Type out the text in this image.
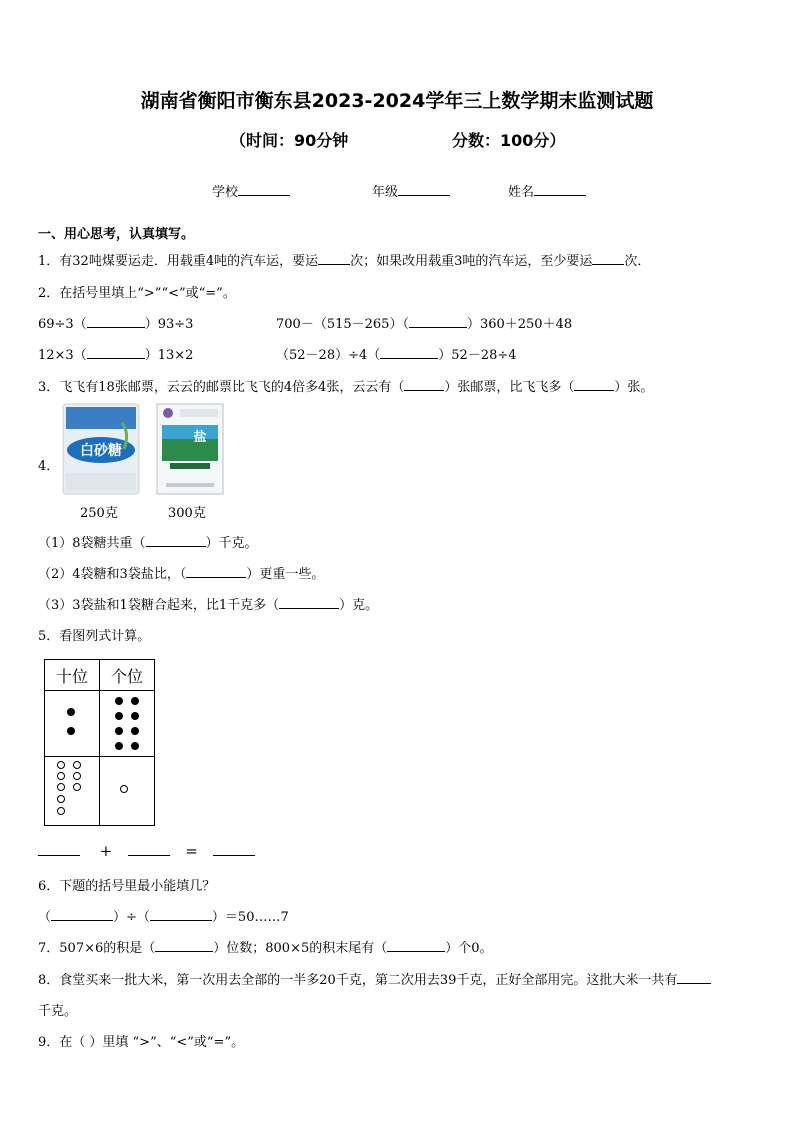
湖南省衡阳市衡东县2023-2024学年三上数学期末监测试题
（时间：90分钟	分数：100分）
学校	年级	姓名
一、用心思考，认真填写。
1．有32吨煤要运走．用载重4吨的汽车运，要运 次；如果改用载重3吨的汽车运，至少要运 次．
2．在括号里填上“>”“<”或“=”。
69÷3（	）93÷3	700－（515－265）（	）360＋250＋48
12×3（	）13×2	（52－28）÷4（	）52－28÷4
3．飞飞有18张邮票，云云的邮票比飞飞的4倍多4张，云云有（	）张邮票，比飞飞多（	）张。
4．
白砂糖
盐
250克	300克
（1）8袋糖共重（	）千克。
（2）4袋糖和3袋盐比，（	）更重一些。
（3）3袋盐和1袋糖合起来，比1千克多（	）克。
5．看图列式计算。
十位	个位

+	=
6．下题的括号里最小能填几？
（	）÷（	）＝50……7
7．507×6的积是（	）位数；800×5的积末尾有（	）个0。
8．食堂买来一批大米，第一次用去全部的一半多20千克，第二次用去39千克，正好全部用完。这批大米一共有
千克。
9．在（ ）里填 “>”、“<”或“=”。
